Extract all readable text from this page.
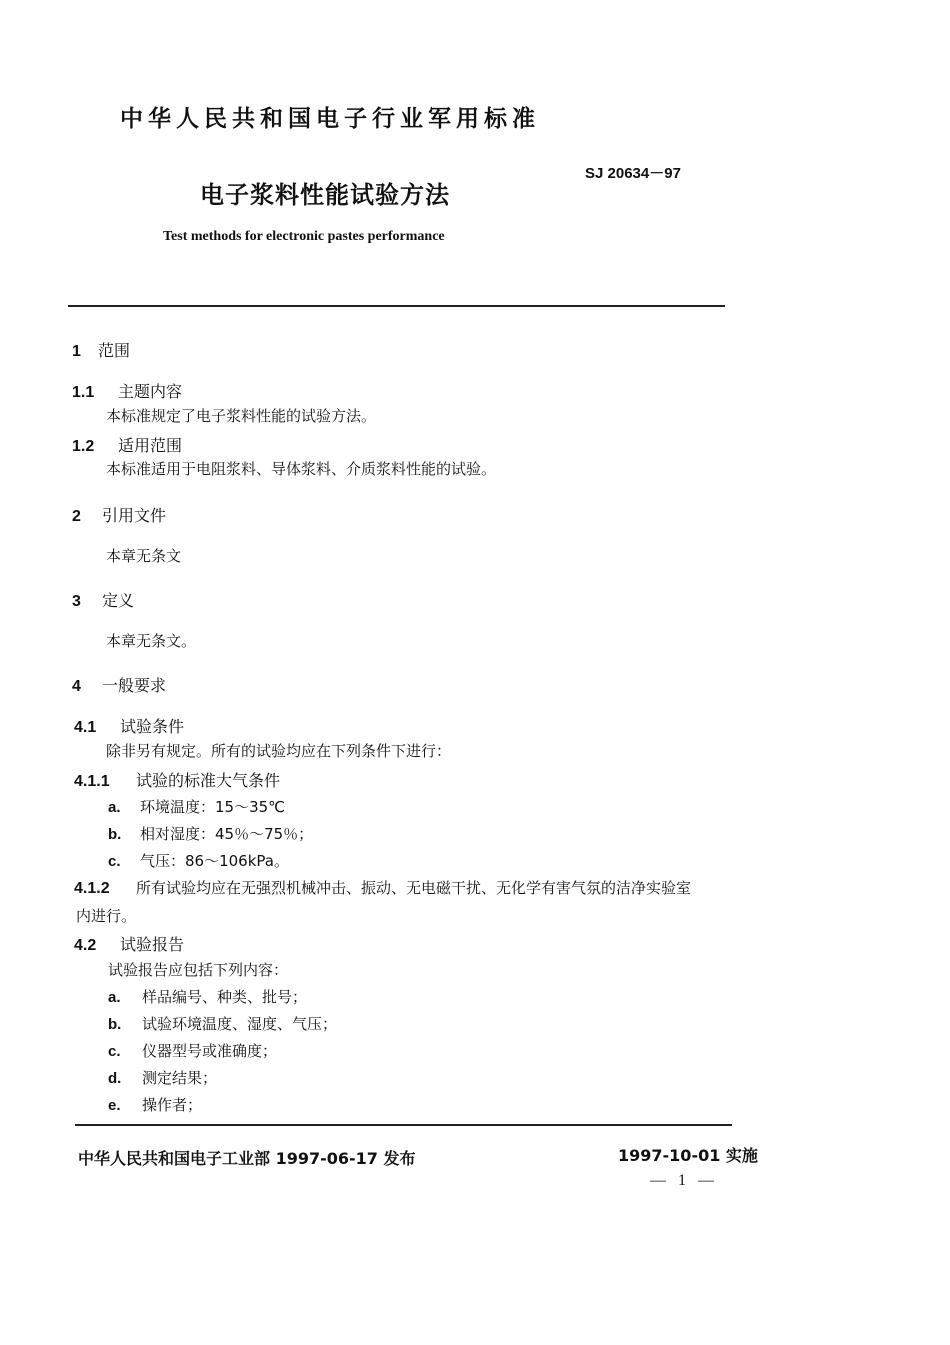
中华人民共和国电子行业军用标准
SJ 20634－97
电子浆料性能试验方法
Test methods for electronic pastes performance
1 范围
1.1 主题内容
本标准规定了电子浆料性能的试验方法。
1.2 适用范围
本标准适用于电阻浆料、导体浆料、介质浆料性能的试验。
2 引用文件
本章无条文
3 定义
本章无条文。
4 一般要求
4.1 试验条件
除非另有规定。所有的试验均应在下列条件下进行：
4.1.1 试验的标准大气条件
a. 环境温度：15～35℃
b. 相对湿度：45％～75％；
c. 气压：86～106kPa。
4.1.2 所有试验均应在无强烈机械冲击、振动、无电磁干扰、无化学有害气氛的洁净实验室
内进行。
4.2 试验报告
试验报告应包括下列内容：
a. 样品编号、种类、批号；
b. 试验环境温度、湿度、气压；
c. 仪器型号或准确度；
d. 测定结果；
e. 操作者；
中华人民共和国电子工业部 1997-06-17 发布	1997-10-01 实施
— 1 —
